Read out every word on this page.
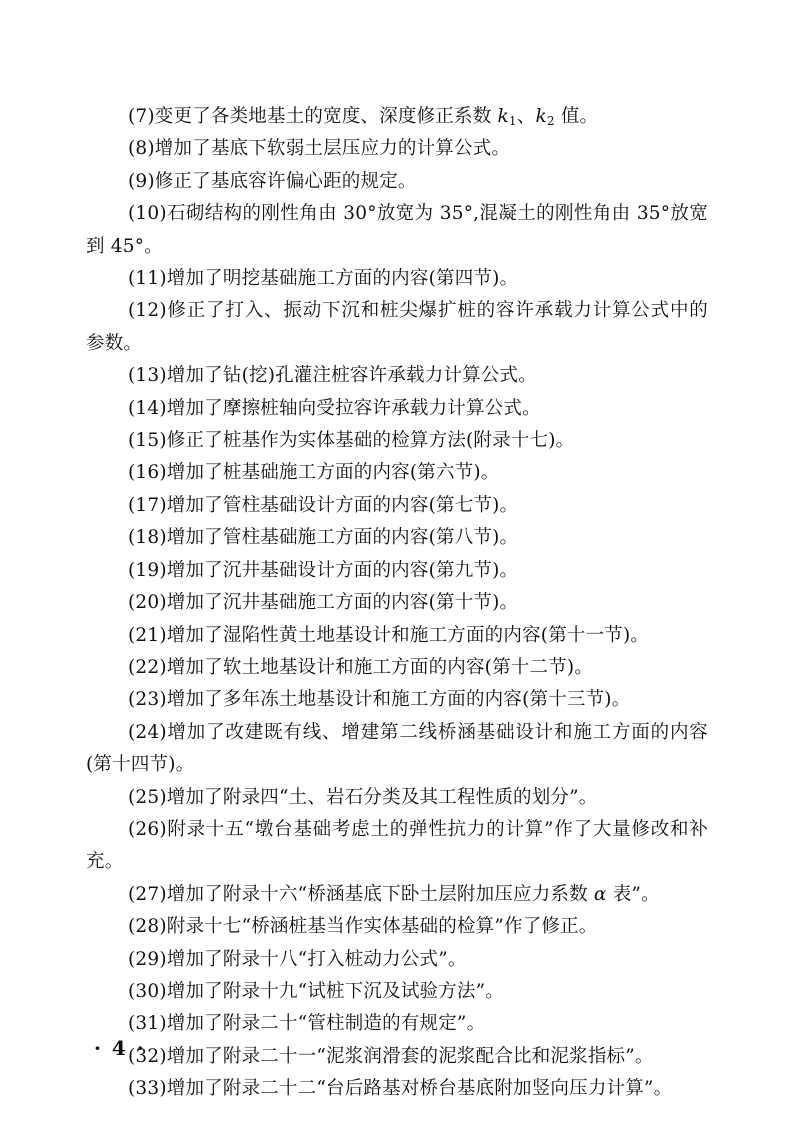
(7)变更了各类地基土的宽度、深度修正系数 $k_1$、$k_2$ 值。

(8)增加了基底下软弱土层压应力的计算公式。

(9)修正了基底容许偏心距的规定。

(10)石砌结构的刚性角由 30°放宽为 35°,混凝土的刚性角由 35°放宽到 45°。

(11)增加了明挖基础施工方面的内容(第四节)。

(12)修正了打入、振动下沉和桩尖爆扩桩的容许承载力计算公式中的参数。

(13)增加了钻(挖)孔灌注桩容许承载力计算公式。

(14)增加了摩擦桩轴向受拉容许承载力计算公式。

(15)修正了桩基作为实体基础的检算方法(附录十七)。

(16)增加了桩基础施工方面的内容(第六节)。

(17)增加了管柱基础设计方面的内容(第七节)。

(18)增加了管柱基础施工方面的内容(第八节)。

(19)增加了沉井基础设计方面的内容(第九节)。

(20)增加了沉井基础施工方面的内容(第十节)。

(21)增加了湿陷性黄土地基设计和施工方面的内容(第十一节)。

(22)增加了软土地基设计和施工方面的内容(第十二节)。

(23)增加了多年冻土地基设计和施工方面的内容(第十三节)。

(24)增加了改建既有线、增建第二线桥涵基础设计和施工方面的内容(第十四节)。

(25)增加了附录四“土、岩石分类及其工程性质的划分”。

(26)附录十五“墩台基础考虑土的弹性抗力的计算”作了大量修改和补充。

(27)增加了附录十六“桥涵基底下卧土层附加压应力系数 α 表”。

(28)附录十七“桥涵桩基当作实体基础的检算”作了修正。

(29)增加了附录十八“打入桩动力公式”。

(30)增加了附录十九“试桩下沉及试验方法”。

(31)增加了附录二十“管柱制造的有规定”。

(32)增加了附录二十一“泥浆润滑套的泥浆配合比和泥浆指标”。

(33)增加了附录二十二“台后路基对桥台基底附加竖向压力计算”。

· 4 ·
